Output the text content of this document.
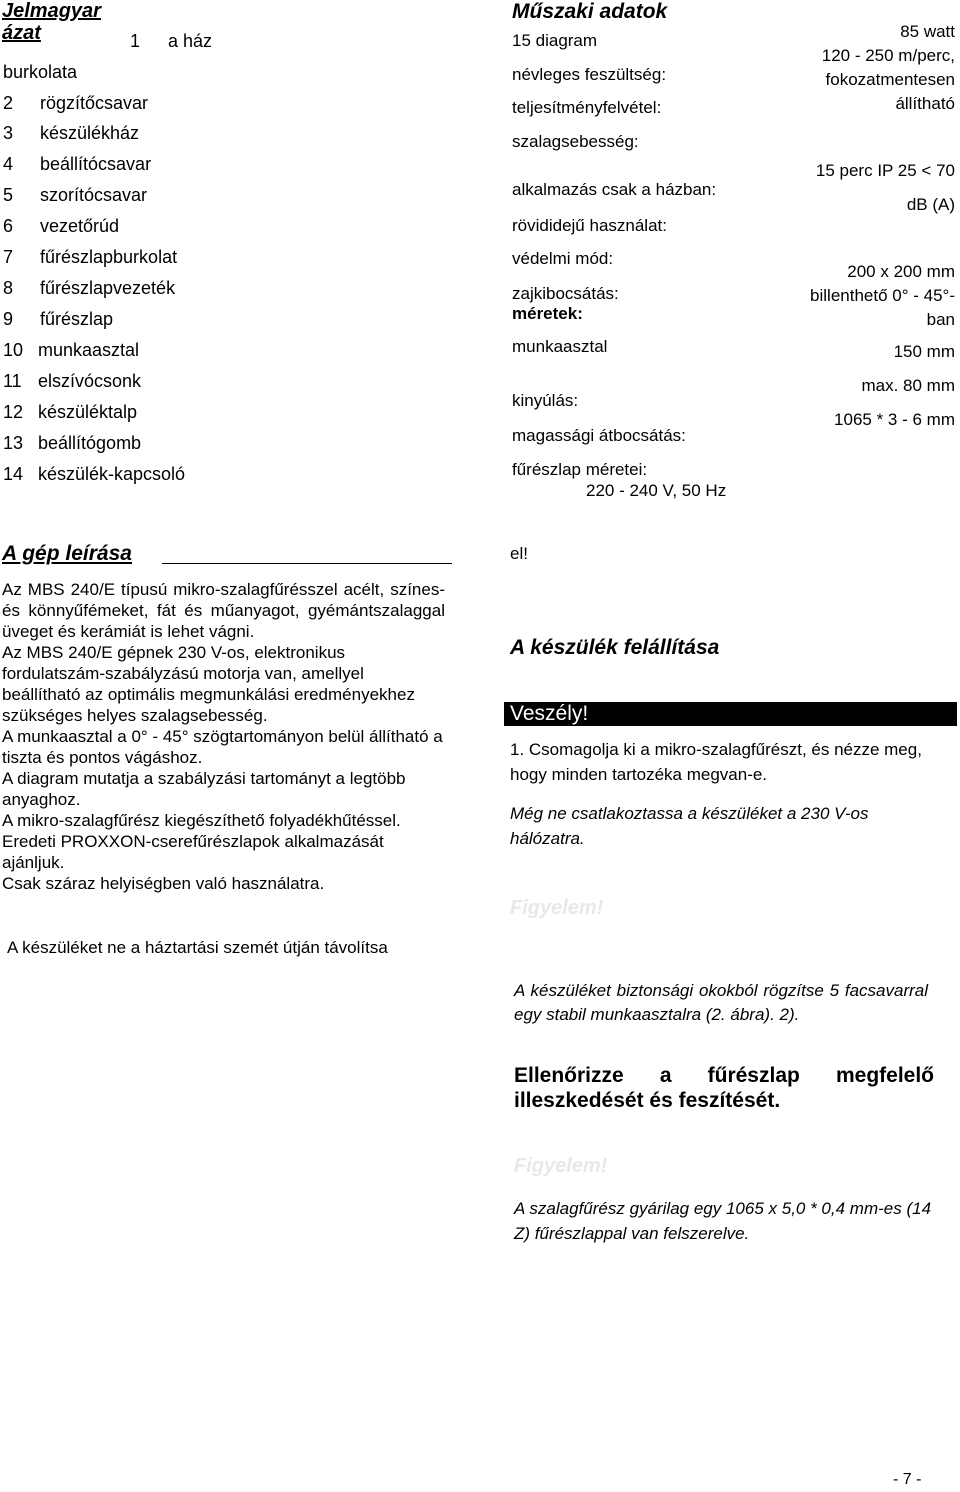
Jelmagyar
ázat	1 a ház
burkolata
2 rögzítőcsavar
3 készülékház
4 beállítócsavar
5 szorítócsavar
6 vezetőrúd
7 fűrészlapburkolat
8 fűrészlapvezeték
9 fűrészlap
10 munkaasztal
11 elszívócsonk
12 készüléktalp
13 beállítógomb
14 készülék-kapcsoló
Műszaki adatok
15 diagram
névleges feszültség:
teljesítményfelvétel:
szalagsebesség:
alkalmazás csak a házban:
rövididejű használat:
védelmi mód:
zajkibocsátás:
méretek:
munkaasztal
kinyúlás:
magassági átbocsátás:
fűrészlap méretei:
220 - 240 V, 50 Hz
85 watt
120 - 250 m/perc,
fokozatmentesen
állítható
15 perc IP 25 < 70
dB (A)
200 x 200 mm
billenthető 0° - 45°-
ban
150 mm
max. 80 mm
1065 * 3 - 6 mm
A gép leírása

Az MBS 240/E típusú mikro-szalagfűrésszel acélt, színes- és könnyűfémeket, fát és műanyagot, gyémántszalaggal üveget és kerámiát is lehet vágni.

Az MBS 240/E gépnek 230 V-os, elektronikus fordulatszám-szabályzású motorja van, amellyel beállítható az optimális megmunkálási eredményekhez szükséges helyes szalagsebesség.

A munkaasztal a 0° - 45° szögtartományon belül állítható a tiszta és pontos vágáshoz.

A diagram mutatja a szabályzási tartományt a legtöbb anyaghoz.

A mikro-szalagfűrész kiegészíthető folyadékhűtéssel.

Eredeti PROXXON-cserefűrészlapok alkalmazását ajánljuk.

Csak száraz helyiségben való használatra.

A készüléket ne a háztartási szemét útján távolítsa
el!
A készülék felállítása
Veszély!
1. Csomagolja ki a mikro-szalagfűrészt, és nézze meg, hogy minden tartozéka megvan-e.
Még ne csatlakoztassa a készüléket a 230 V-os hálózatra.
Figyelem!
A készüléket biztonsági okokból rögzítse 5 facsavarral egy stabil munkaasztalra (2. ábra). 2).
Ellenőrizze a fűrészlap megfelelő illeszkedését és feszítését.
Figyelem!
A szalagfűrész gyárilag egy 1065 x 5,0 * 0,4 mm-es (14 Z) fűrészlappal van felszerelve.
- 7 -
